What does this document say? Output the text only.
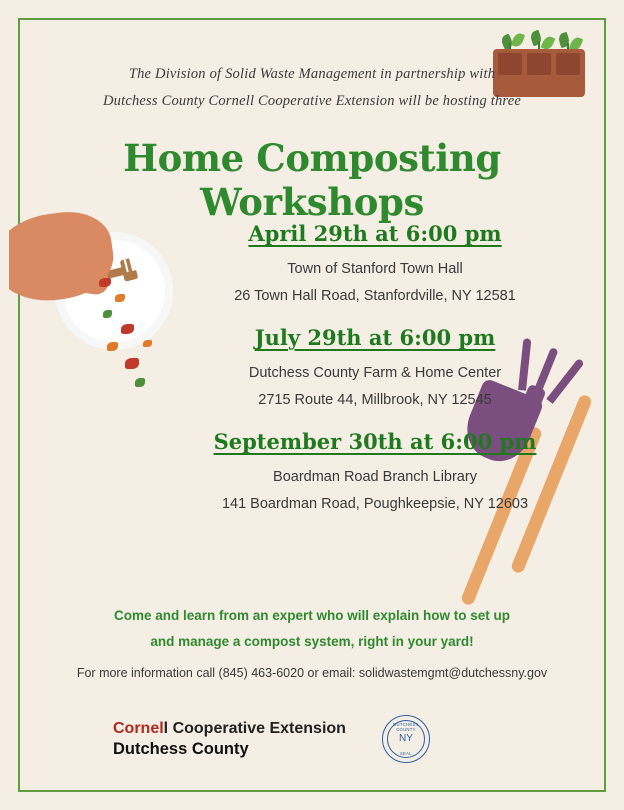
The Division of Solid Waste Management in partnership with
Dutchess County Cornell Cooperative Extension will be hosting three
Home Composting Workshops
April 29th at 6:00 pm
Town of Stanford Town Hall
26 Town Hall Road, Stanfordville, NY 12581
July 29th at 6:00 pm
Dutchess County Farm & Home Center
2715 Route 44, Millbrook, NY 12545
September 30th at 6:00 pm
Boardman Road Branch Library
141 Boardman Road, Poughkeepsie, NY 12603
Come and learn from an expert who will explain how to set up
and manage a compost system, right in your yard!
For more information call (845) 463-6020 or email: solidwastemgmt@dutchessny.gov
Cornell Cooperative Extension
Dutchess County
DUTCHESS COUNTY
NY
SEAL
